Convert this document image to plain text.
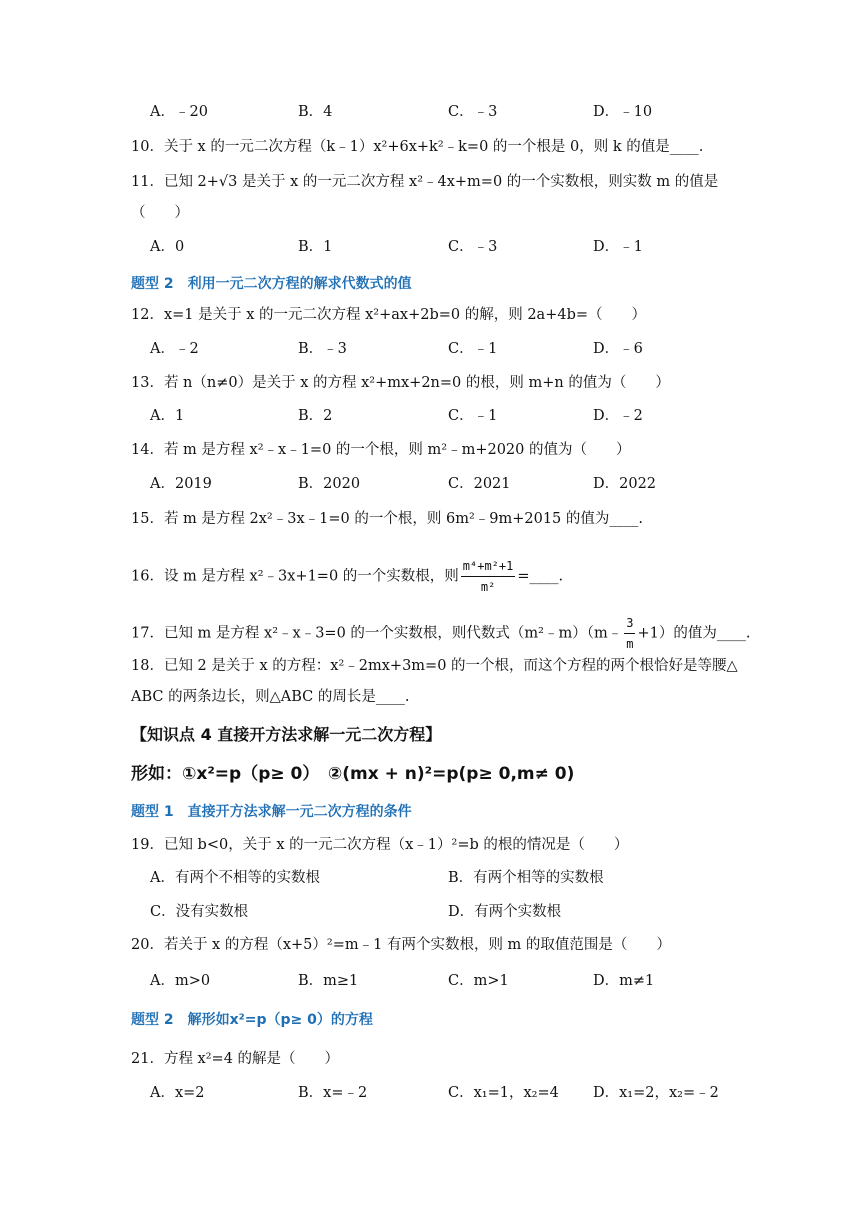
A．﹣20	B．4	C．﹣3	D．﹣10
10．关于 x 的一元二次方程（k﹣1）x²+6x+k²﹣k=0 的一个根是 0，则 k 的值是____.
11．已知 2+√3 是关于 x 的一元二次方程 x²﹣4x+m=0 的一个实数根，则实数 m 的值是
（　　）
A．0	B．1	C．﹣3	D．﹣1
题型 2　利用一元二次方程的解求代数式的值
12．x=1 是关于 x 的一元二次方程 x²+ax+2b=0 的解，则 2a+4b=（　　）
A．﹣2	B．﹣3	C．﹣1	D．﹣6
13．若 n（n≠0）是关于 x 的方程 x²+mx+2n=0 的根，则 m+n 的值为（　　）
A．1	B．2	C．﹣1	D．﹣2
14．若 m 是方程 x²﹣x﹣1=0 的一个根，则 m²﹣m+2020 的值为（　　）
A．2019	B．2020	C．2021	D．2022
15．若 m 是方程 2x²﹣3x﹣1=0 的一个根，则 6m²﹣9m+2015 的值为____.
16．设 m 是方程 x²﹣3x+1=0 的一个实数根，则 $\frac{\text{m⁴+m²+1}}{\text{m²}}$ =____.
17．已知 m 是方程 x²﹣x﹣3=0 的一个实数根，则代数式（m²﹣m）（m﹣ $\frac{3}{m} +1$）的值为____.
18．已知 2 是关于 x 的方程：x²﹣2mx+3m=0 的一个根，而这个方程的两个根恰好是等腰△
ABC 的两条边长，则△ABC 的周长是____.
【知识点 4 直接开方法求解一元二次方程】
形如：①x²=p（p≥ 0）　②(mx + n)²=p(p≥ 0,m≠ 0)
题型 1　直接开方法求解一元二次方程的条件
19．已知 b<0，关于 x 的一元二次方程（x﹣1）²=b 的根的情况是（　　）
A．有两个不相等的实数根	B．有两个相等的实数根
C．没有实数根	D．有两个实数根
20．若关于 x 的方程（x+5）²=m﹣1 有两个实数根，则 m 的取值范围是（　　）
A．m>0	B．m≥1	C．m>1	D．m≠1
题型 2　解形如x²=p（p≥ 0）的方程
21．方程 x²=4 的解是（　　）
A．x=2	B．x=﹣2	C．x₁=1，x₂=4 D．x₁=2，x₂=﹣2
